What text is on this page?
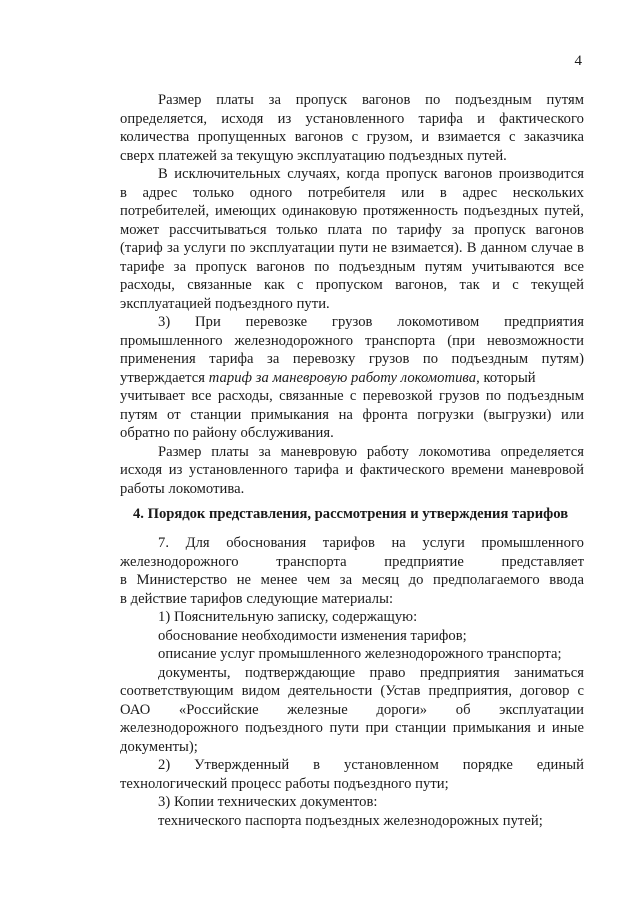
4
Размер платы за пропуск вагонов по подъездным путям
определяется, исходя из установленного тарифа и фактического
количества пропущенных вагонов с грузом, и взимается с заказчика
сверх платежей за текущую эксплуатацию подъездных путей.
В исключительных случаях, когда пропуск вагонов производится
в адрес только одного потребителя или в адрес нескольких
потребителей, имеющих одинаковую протяженность подъездных путей,
может рассчитываться только плата по тарифу за пропуск вагонов
(тариф за услуги по эксплуатации пути не взимается). В данном случае в
тарифе за пропуск вагонов по подъездным путям учитываются все
расходы, связанные как с пропуском вагонов, так и с текущей
эксплуатацией подъездного пути.
3) При перевозке грузов локомотивом предприятия
промышленного железнодорожного транспорта (при невозможности
применения тарифа за перевозку грузов по подъездным путям)
утверждается тариф за маневровую работу локомотива, который
учитывает все расходы, связанные с перевозкой грузов по подъездным
путям от станции примыкания на фронта погрузки (выгрузки) или
обратно по району обслуживания.
Размер платы за маневровую работу локомотива определяется
исходя из установленного тарифа и фактического времени маневровой
работы локомотива.
4. Порядок представления, рассмотрения и утверждения тарифов
7. Для обоснования тарифов на услуги промышленного
железнодорожного транспорта предприятие представляет
в Министерство не менее чем за месяц до предполагаемого ввода
в действие тарифов следующие материалы:
1) Пояснительную записку, содержащую:
обоснование необходимости изменения тарифов;
описание услуг промышленного железнодорожного транспорта;
документы, подтверждающие право предприятия заниматься
соответствующим видом деятельности (Устав предприятия, договор с
ОАО «Российские железные дороги» об эксплуатации
железнодорожного подъездного пути при станции примыкания и иные
документы);
2) Утвержденный в установленном порядке единый
технологический процесс работы подъездного пути;
3) Копии технических документов:
технического паспорта подъездных железнодорожных путей;
